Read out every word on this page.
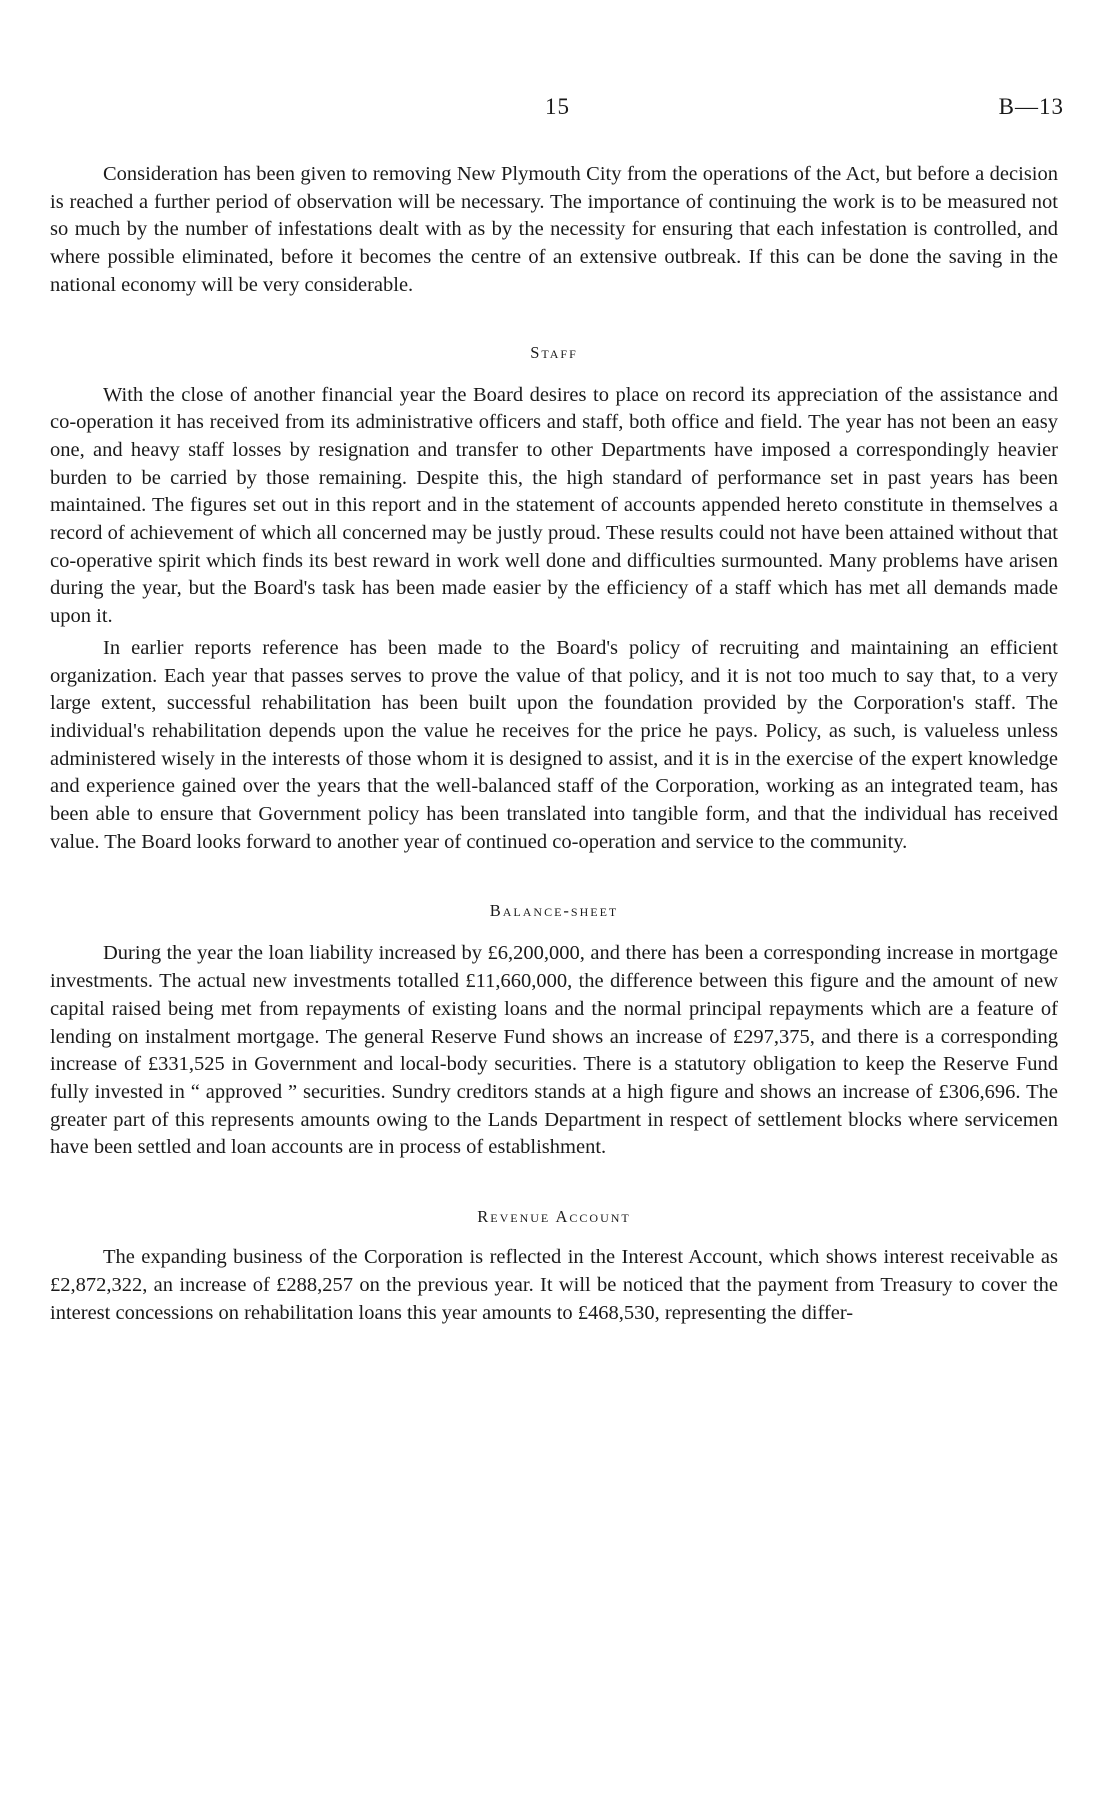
15	B—13

Consideration has been given to removing New Plymouth City from the operations of the Act, but before a decision is reached a further period of observation will be necessary. The importance of continuing the work is to be measured not so much by the number of infestations dealt with as by the necessity for ensuring that each infestation is controlled, and where possible eliminated, before it becomes the centre of an extensive outbreak. If this can be done the saving in the national economy will be very considerable.

Staff

With the close of another financial year the Board desires to place on record its appreciation of the assistance and co-operation it has received from its administrative officers and staff, both office and field. The year has not been an easy one, and heavy staff losses by resignation and transfer to other Departments have imposed a correspondingly heavier burden to be carried by those remaining. Despite this, the high standard of performance set in past years has been maintained. The figures set out in this report and in the statement of accounts appended hereto constitute in themselves a record of achievement of which all concerned may be justly proud. These results could not have been attained without that co-operative spirit which finds its best reward in work well done and difficulties surmounted. Many problems have arisen during the year, but the Board's task has been made easier by the efficiency of a staff which has met all demands made upon it.

In earlier reports reference has been made to the Board's policy of recruiting and maintaining an efficient organization. Each year that passes serves to prove the value of that policy, and it is not too much to say that, to a very large extent, successful rehabilitation has been built upon the foundation provided by the Corporation's staff. The individual's rehabilitation depends upon the value he receives for the price he pays. Policy, as such, is valueless unless administered wisely in the interests of those whom it is designed to assist, and it is in the exercise of the expert knowledge and experience gained over the years that the well-balanced staff of the Corporation, working as an integrated team, has been able to ensure that Government policy has been translated into tangible form, and that the individual has received value. The Board looks forward to another year of continued co-operation and service to the community.

Balance-sheet

During the year the loan liability increased by £6,200,000, and there has been a corresponding increase in mortgage investments. The actual new investments totalled £11,660,000, the difference between this figure and the amount of new capital raised being met from repayments of existing loans and the normal principal repayments which are a feature of lending on instalment mortgage. The general Reserve Fund shows an increase of £297,375, and there is a corresponding increase of £331,525 in Government and local-body securities. There is a statutory obligation to keep the Reserve Fund fully invested in “ approved ” securities. Sundry creditors stands at a high figure and shows an increase of £306,696. The greater part of this represents amounts owing to the Lands Department in respect of settlement blocks where servicemen have been settled and loan accounts are in process of establishment.

Revenue Account

The expanding business of the Corporation is reflected in the Interest Account, which shows interest receivable as £2,872,322, an increase of £288,257 on the previous year. It will be noticed that the payment from Treasury to cover the interest concessions on rehabilitation loans this year amounts to £468,530, representing the differ-
